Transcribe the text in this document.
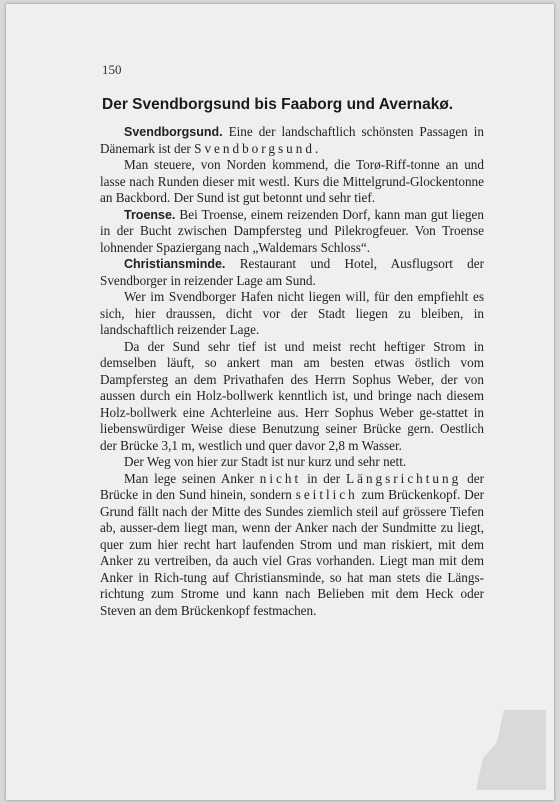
150
Der Svendborgsund bis Faaborg und Avernakø.

Svendborgsund. Eine der landschaftlich schönsten Passagen in Dänemark ist der Svendborgsund.

Man steuere, von Norden kommend, die Torø-Riff-tonne an und lasse nach Runden dieser mit westl. Kurs die Mittelgrund-Glockentonne an Backbord. Der Sund ist gut betonnt und sehr tief.

Troense. Bei Troense, einem reizenden Dorf, kann man gut liegen in der Bucht zwischen Dampfersteg und Pilekrogfeuer. Von Troense lohnender Spaziergang nach „Waldemars Schloss“.

Christiansminde. Restaurant und Hotel, Ausflugsort der Svendborger in reizender Lage am Sund.

Wer im Svendborger Hafen nicht liegen will, für den empfiehlt es sich, hier draussen, dicht vor der Stadt liegen zu bleiben, in landschaftlich reizender Lage.

Da der Sund sehr tief ist und meist recht heftiger Strom in demselben läuft, so ankert man am besten etwas östlich vom Dampfersteg an dem Privathafen des Herrn Sophus Weber, der von aussen durch ein Holz-bollwerk kenntlich ist, und bringe nach diesem Holz-bollwerk eine Achterleine aus. Herr Sophus Weber ge-stattet in liebenswürdiger Weise diese Benutzung seiner Brücke gern. Oestlich der Brücke 3,1 m, westlich und quer davor 2,8 m Wasser.

Der Weg von hier zur Stadt ist nur kurz und sehr nett.

Man lege seinen Anker nicht in der Längsrichtung der Brücke in den Sund hinein, sondern seitlich zum Brückenkopf. Der Grund fällt nach der Mitte des Sundes ziemlich steil auf grössere Tiefen ab, ausser-dem liegt man, wenn der Anker nach der Sundmitte zu liegt, quer zum hier recht hart laufenden Strom und man riskiert, mit dem Anker zu vertreiben, da auch viel Gras vorhanden. Liegt man mit dem Anker in Rich-tung auf Christiansminde, so hat man stets die Längs-richtung zum Strome und kann nach Belieben mit dem Heck oder Steven an dem Brückenkopf festmachen.
